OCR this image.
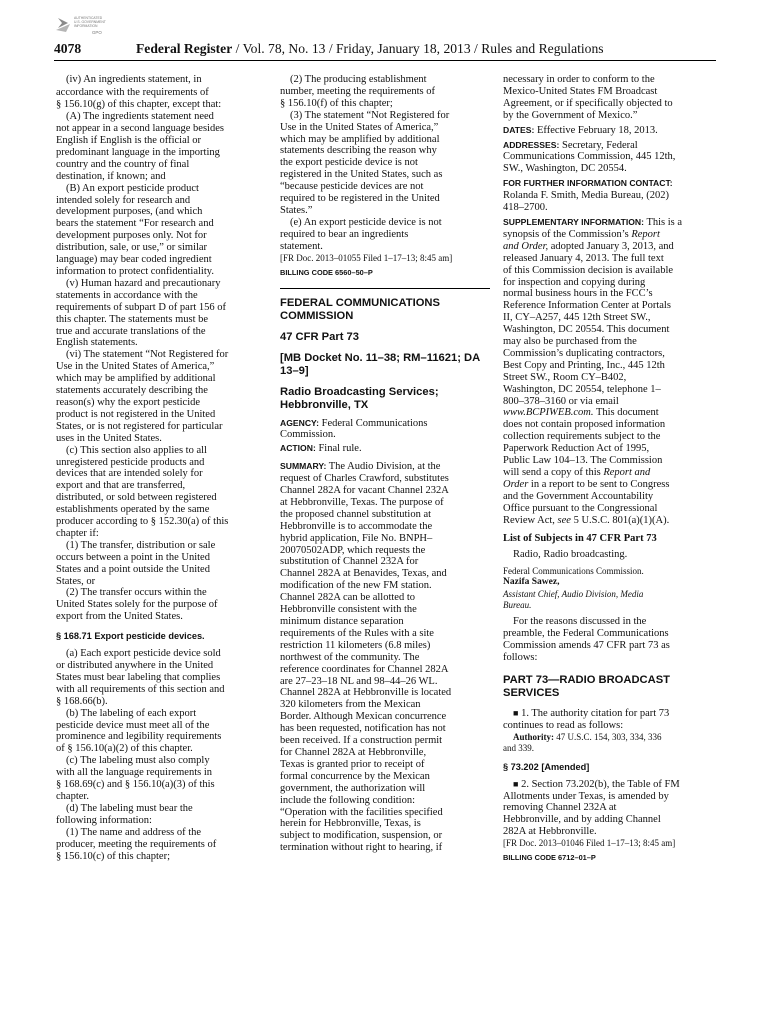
AUTHENTICATED
U.S. GOVERNMENT
INFORMATION
GPO
4078	Federal Register / Vol. 78, No. 13 / Friday, January 18, 2013 / Rules and Regulations

(iv) An ingredients statement, in

accordance with the requirements of
§ 156.10(g) of this chapter, except that:
(A) The ingredients statement need
not appear in a second language besides
English if English is the official or
predominant language in the importing
country and the country of final
destination, if known; and
(B) An export pesticide product
intended solely for research and
development purposes, (and which
bears the statement “For research and
development purposes only. Not for
distribution, sale, or use,” or similar
language) may bear coded ingredient
information to protect confidentiality.
(v) Human hazard and precautionary
statements in accordance with the
requirements of subpart D of part 156 of
this chapter. The statements must be
true and accurate translations of the
English statements.
(vi) The statement “Not Registered for
Use in the United States of America,”
which may be amplified by additional
statements accurately describing the
reason(s) why the export pesticide
product is not registered in the United
States, or is not registered for particular
uses in the United States.
(c) This section also applies to all
unregistered pesticide products and
devices that are intended solely for
export and that are transferred,
distributed, or sold between registered
establishments operated by the same
producer according to § 152.30(a) of this
chapter if:
(1) The transfer, distribution or sale
occurs between a point in the United
States and a point outside the United
States, or
(2) The transfer occurs within the
United States solely for the purpose of
export from the United States.

§ 168.71 Export pesticide devices.

(a) Each export pesticide device sold
or distributed anywhere in the United
States must bear labeling that complies
with all requirements of this section and
§ 168.66(b).
(b) The labeling of each export
pesticide device must meet all of the
prominence and legibility requirements
of § 156.10(a)(2) of this chapter.
(c) The labeling must also comply
with all the language requirements in
§ 168.69(c) and § 156.10(a)(3) of this
chapter.
(d) The labeling must bear the
following information:
(1) The name and address of the
producer, meeting the requirements of
§ 156.10(c) of this chapter;
(2) The producing establishment
number, meeting the requirements of
§ 156.10(f) of this chapter;
(3) The statement “Not Registered for
Use in the United States of America,”
which may be amplified by additional
statements describing the reason why
the export pesticide device is not
registered in the United States, such as
“because pesticide devices are not
required to be registered in the United
States.”
(e) An export pesticide device is not
required to bear an ingredients
statement.
[FR Doc. 2013–01055 Filed 1–17–13; 8:45 am]

BILLING CODE 6560–50–P

FEDERAL COMMUNICATIONS COMMISSION

47 CFR Part 73

[MB Docket No. 11–38; RM–11621; DA 13–9]

Radio Broadcasting Services; Hebbronville, TX

AGENCY: Federal Communications
Commission.
ACTION: Final rule.
SUMMARY: The Audio Division, at the
request of Charles Crawford, substitutes
Channel 282A for vacant Channel 232A
at Hebbronville, Texas. The purpose of
the proposed channel substitution at
Hebbronville is to accommodate the
hybrid application, File No. BNPH–
20070502ADP, which requests the
substitution of Channel 232A for
Channel 282A at Benavides, Texas, and
modification of the new FM station.
Channel 282A can be allotted to
Hebbronville consistent with the
minimum distance separation
requirements of the Rules with a site
restriction 11 kilometers (6.8 miles)
northwest of the community. The
reference coordinates for Channel 282A
are 27–23–18 NL and 98–44–26 WL.
Channel 282A at Hebbronville is located
320 kilometers from the Mexican
Border. Although Mexican concurrence
has been requested, notification has not
been received. If a construction permit
for Channel 282A at Hebbronville,
Texas is granted prior to receipt of
formal concurrence by the Mexican
government, the authorization will
include the following condition:
“Operation with the facilities specified
herein for Hebbronville, Texas, is
subject to modification, suspension, or
termination without right to hearing, if
necessary in order to conform to the
Mexico-United States FM Broadcast
Agreement, or if specifically objected to
by the Government of Mexico.”
DATES: Effective February 18, 2013.
ADDRESSES: Secretary, Federal
Communications Commission, 445 12th,
SW., Washington, DC 20554.
FOR FURTHER INFORMATION CONTACT:
Rolanda F. Smith, Media Bureau, (202)
418–2700.
SUPPLEMENTARY INFORMATION: This is a
synopsis of the Commission’s Report
and Order, adopted January 3, 2013, and
released January 4, 2013. The full text
of this Commission decision is available
for inspection and copying during
normal business hours in the FCC’s
Reference Information Center at Portals
II, CY–A257, 445 12th Street SW.,
Washington, DC 20554. This document
may also be purchased from the
Commission’s duplicating contractors,
Best Copy and Printing, Inc., 445 12th
Street SW., Room CY–B402,
Washington, DC 20554, telephone 1–
800–378–3160 or via email
www.BCPIWEB.com. This document
does not contain proposed information
collection requirements subject to the
Paperwork Reduction Act of 1995,
Public Law 104–13. The Commission
will send a copy of this Report and
Order in a report to be sent to Congress
and the Government Accountability
Office pursuant to the Congressional
Review Act, see 5 U.S.C. 801(a)(1)(A).

List of Subjects in 47 CFR Part 73

Radio, Radio broadcasting.
Federal Communications Commission.
Nazifa Sawez,
Assistant Chief, Audio Division, Media
Bureau.
For the reasons discussed in the
preamble, the Federal Communications
Commission amends 47 CFR part 73 as
follows:

PART 73—RADIO BROADCAST SERVICES

■ 1. The authority citation for part 73
continues to read as follows:
Authority: 47 U.S.C. 154, 303, 334, 336
and 339.

§ 73.202 [Amended]

■ 2. Section 73.202(b), the Table of FM
Allotments under Texas, is amended by
removing Channel 232A at
Hebbronville, and by adding Channel
282A at Hebbronville.
[FR Doc. 2013–01046 Filed 1–17–13; 8:45 am]

BILLING CODE 6712–01–P
